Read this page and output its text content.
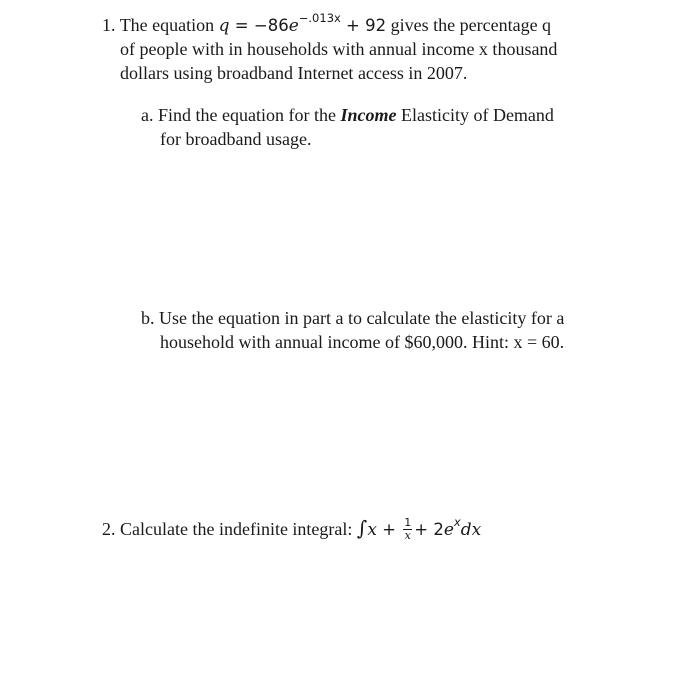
1. The equation $q = -86e^{-.013x} + 92$ gives the percentage q
of people with in households with annual income x thousand
dollars using broadband Internet access in 2007.
a. Find the equation for the Income Elasticity of Demand
for broadband usage.
b. Use the equation in part a to calculate the elasticity for a
household with annual income of $60,000. Hint: x = 60.
2. Calculate the indefinite integral: $\int x + \frac{1}{x} + 2e^xdx$
